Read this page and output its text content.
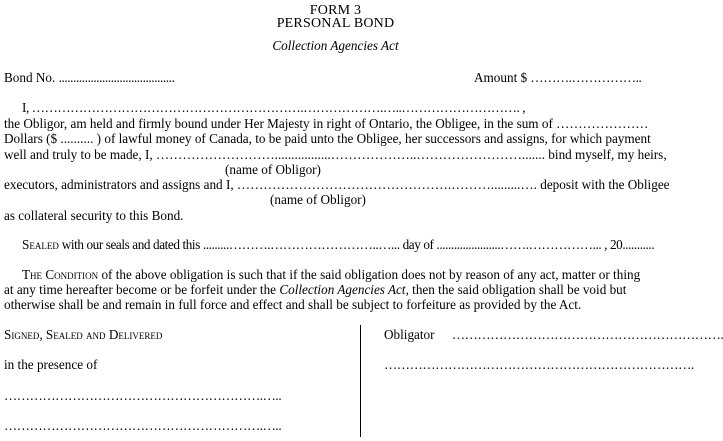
FORM 3
PERSONAL BOND
Collection Agencies Act
Bond No. ........................................	Amount $ ……….……………..
I, ……………………………………………………….……………….…..………………………. ,
the Obligor, am held and firmly bound under Her Majesty in right of Ontario, the Obligee, in the sum of …………………
Dollars ($ .......... ) of lawful money of Canada, to be paid unto the Obligee, her successors and assigns, for which payment
well and truly to be made, I, ……………………….................………………..……………………....... bind myself, my heirs,
(name of Obligor)
executors, administrators and assigns and I, ………………………………………….……….........…. deposit with the Obligee
(name of Obligor)
as collateral security to this Bond.
Sealed with our seals and dated this .........……….……………………..…... day of ......................…….……………... , 20...........
The Condition of the above obligation is such that if the said obligation does not by reason of any act, matter or thing
at any time hereafter become or be forfeit under the Collection Agencies Act, then the said obligation shall be void but
otherwise shall be and remain in full force and effect and shall be subject to forfeiture as provided by the Act.
Signed, Sealed and Delivered
in the presence of
…………………………………………………….…..
…………………………………………………….…..
Obligator ……………………………………………………….
……………………………………………………………….
